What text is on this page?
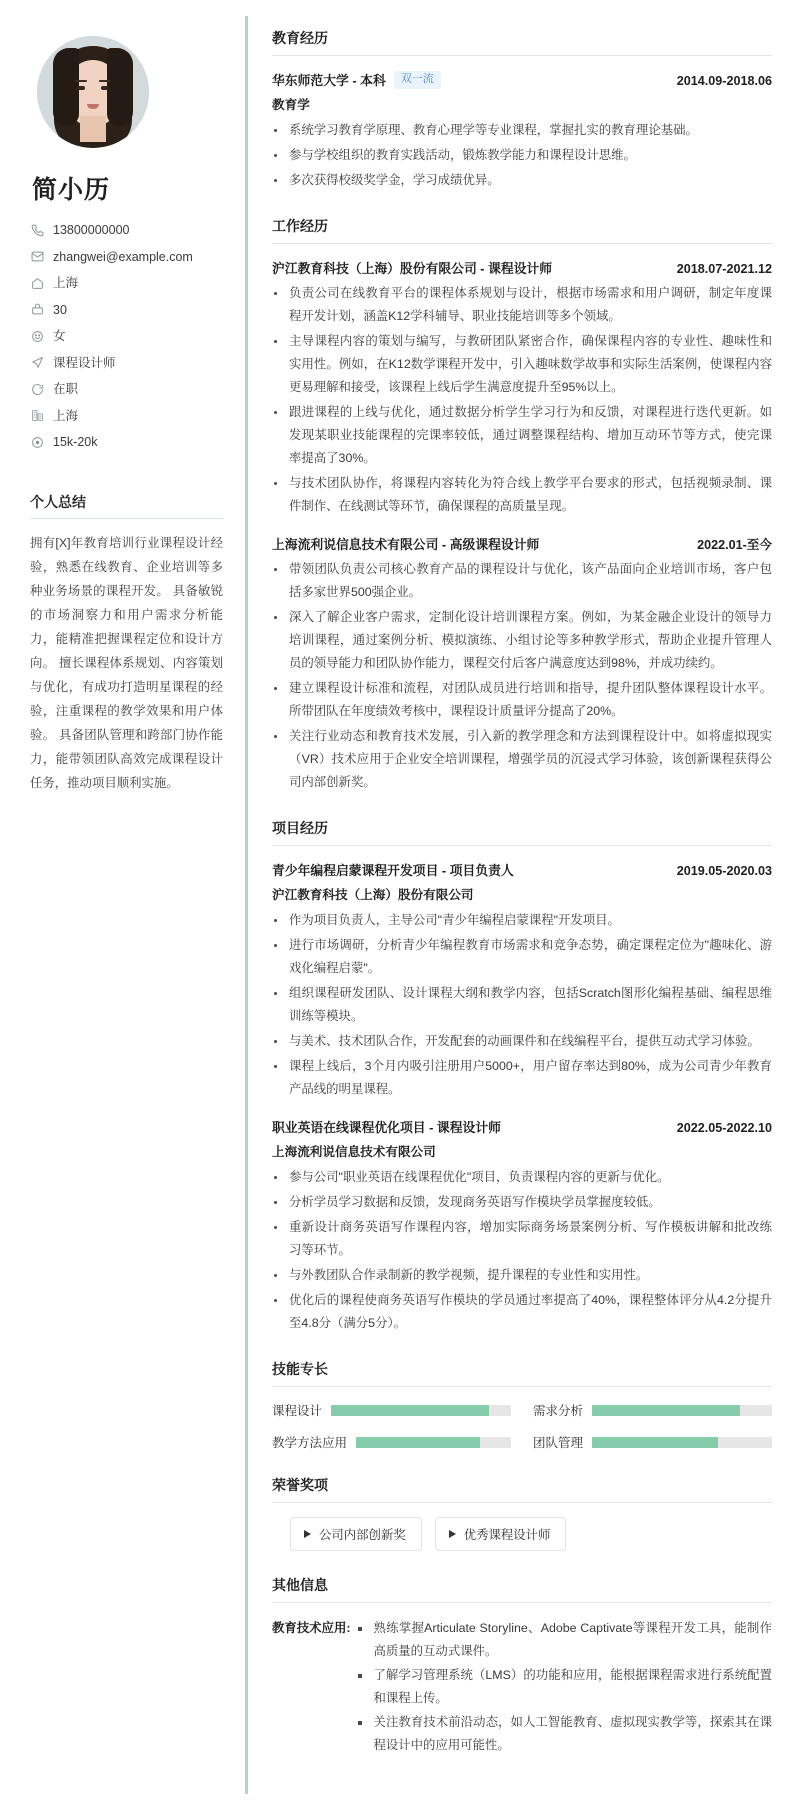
简小历
13800000000
zhangwei@example.com
上海
30
女
课程设计师
在职
上海
15k-20k
个人总结

拥有[X]年教育培训行业课程设计经验，熟悉在线教育、企业培训等多种业务场景的课程开发。 具备敏锐的市场洞察力和用户需求分析能力，能精准把握课程定位和设计方向。 擅长课程体系规划、内容策划与优化，有成功打造明星课程的经验，注重课程的教学效果和用户体验。 具备团队管理和跨部门协作能力，能带领团队高效完成课程设计任务，推动项目顺利实施。

教育经历
华东师范大学 - 本科	双一流	2014.09-2018.06
教育学
系统学习教育学原理、教育心理学等专业课程，掌握扎实的教育理论基础。
参与学校组织的教育实践活动，锻炼教学能力和课程设计思维。
多次获得校级奖学金，学习成绩优异。
工作经历
沪江教育科技（上海）股份有限公司 - 课程设计师	2018.07-2021.12
负责公司在线教育平台的课程体系规划与设计，根据市场需求和用户调研，制定年度课程开发计划，涵盖K12学科辅导、职业技能培训等多个领域。
主导课程内容的策划与编写，与教研团队紧密合作，确保课程内容的专业性、趣味性和实用性。例如，在K12数学课程开发中，引入趣味数学故事和实际生活案例，使课程内容更易理解和接受，该课程上线后学生满意度提升至95%以上。
跟进课程的上线与优化，通过数据分析学生学习行为和反馈，对课程进行迭代更新。如发现某职业技能课程的完课率较低，通过调整课程结构、增加互动环节等方式，使完课率提高了30%。
与技术团队协作，将课程内容转化为符合线上教学平台要求的形式，包括视频录制、课件制作、在线测试等环节，确保课程的高质量呈现。
上海流利说信息技术有限公司 - 高级课程设计师	2022.01-至今
带领团队负责公司核心教育产品的课程设计与优化，该产品面向企业培训市场，客户包括多家世界500强企业。
深入了解企业客户需求，定制化设计培训课程方案。例如，为某金融企业设计的领导力培训课程，通过案例分析、模拟演练、小组讨论等多种教学形式，帮助企业提升管理人员的领导能力和团队协作能力，课程交付后客户满意度达到98%，并成功续约。
建立课程设计标准和流程，对团队成员进行培训和指导，提升团队整体课程设计水平。所带团队在年度绩效考核中，课程设计质量评分提高了20%。
关注行业动态和教育技术发展，引入新的教学理念和方法到课程设计中。如将虚拟现实（VR）技术应用于企业安全培训课程，增强学员的沉浸式学习体验，该创新课程获得公司内部创新奖。
项目经历
青少年编程启蒙课程开发项目 - 项目负责人	2019.05-2020.03
沪江教育科技（上海）股份有限公司
作为项目负责人，主导公司"青少年编程启蒙课程"开发项目。
进行市场调研，分析青少年编程教育市场需求和竞争态势，确定课程定位为"趣味化、游戏化编程启蒙"。
组织课程研发团队、设计课程大纲和教学内容，包括Scratch图形化编程基础、编程思维训练等模块。
与美术、技术团队合作，开发配套的动画课件和在线编程平台，提供互动式学习体验。
课程上线后，3个月内吸引注册用户5000+，用户留存率达到80%，成为公司青少年教育产品线的明星课程。
职业英语在线课程优化项目 - 课程设计师	2022.05-2022.10
上海流利说信息技术有限公司
参与公司"职业英语在线课程优化"项目，负责课程内容的更新与优化。
分析学员学习数据和反馈，发现商务英语写作模块学员掌握度较低。
重新设计商务英语写作课程内容，增加实际商务场景案例分析、写作模板讲解和批改练习等环节。
与外教团队合作录制新的教学视频，提升课程的专业性和实用性。
优化后的课程使商务英语写作模块的学员通过率提高了40%，课程整体评分从4.2分提升至4.8分（满分5分）。
技能专长
课程设计	需求分析
教学方法应用	团队管理
荣誉奖项
公司内部创新奖	优秀课程设计师
其他信息
教育技术应用:	熟练掌握Articulate Storyline、Adobe Captivate等课程开发工具，能制作高质量的互动式课件。
了解学习管理系统（LMS）的功能和应用，能根据课程需求进行系统配置和课程上传。
关注教育技术前沿动态，如人工智能教育、虚拟现实教学等，探索其在课程设计中的应用可能性。
